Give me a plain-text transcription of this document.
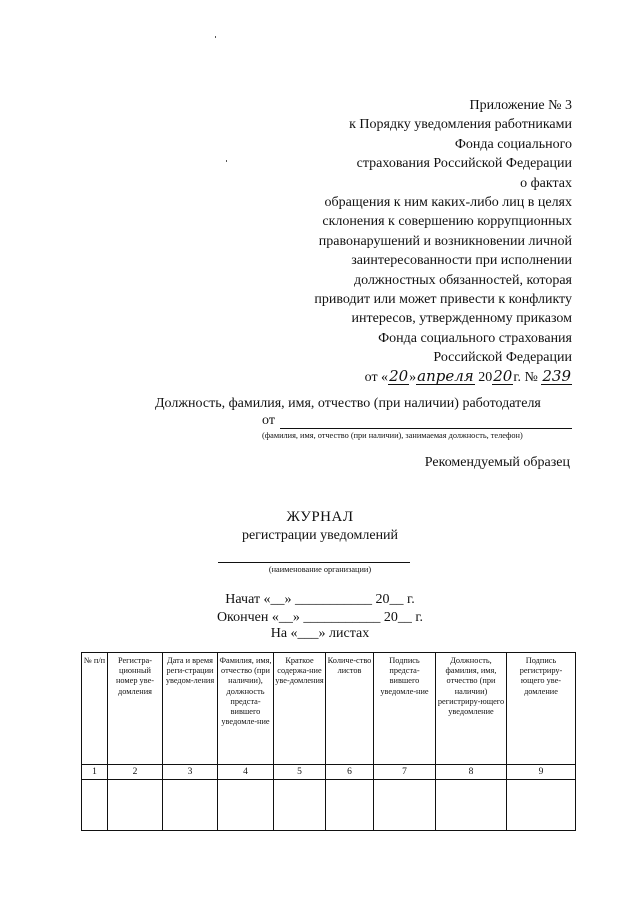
Приложение № 3
к Порядку уведомления работниками
Фонда социального
страхования Российской Федерации
о фактах
обращения к ним каких-либо лиц в целях
склонения к совершению коррупционных
правонарушений и возникновении личной
заинтересованности при исполнении
должностных обязанностей, которая
приводит или может привести к конфликту
интересов, утвержденному приказом
Фонда социального страхования
Российской Федерации
от «20»апреля 2020г. № 239
Должность, фамилия, имя, отчество (при наличии) работодателя
от
(фамилия, имя, отчество (при наличии), занимаемая должность, телефон)
Рекомендуемый образец
ЖУРНАЛ
регистрации уведомлений
(наименование организации)
Начат «__» ___________ 20__ г.
Окончен «__» ___________ 20__ г.
На «___» листах
№ п/п	Регистра-ционный номер уве-домления	Дата и время реги-страции уведом-ления	Фамилия, имя, отчество (при наличии), должность предста-вившего уведомле-ние	Краткое содержа-ние уве-домления	Количе-ство листов	Подпись предста-вившего уведомле-ние	Должность, фамилия, имя, отчество (при наличии) регистриру-ющего уведомление	Подпись регистриру-ющего уве-домление
1	2	3	4	5	6	7	8	9
